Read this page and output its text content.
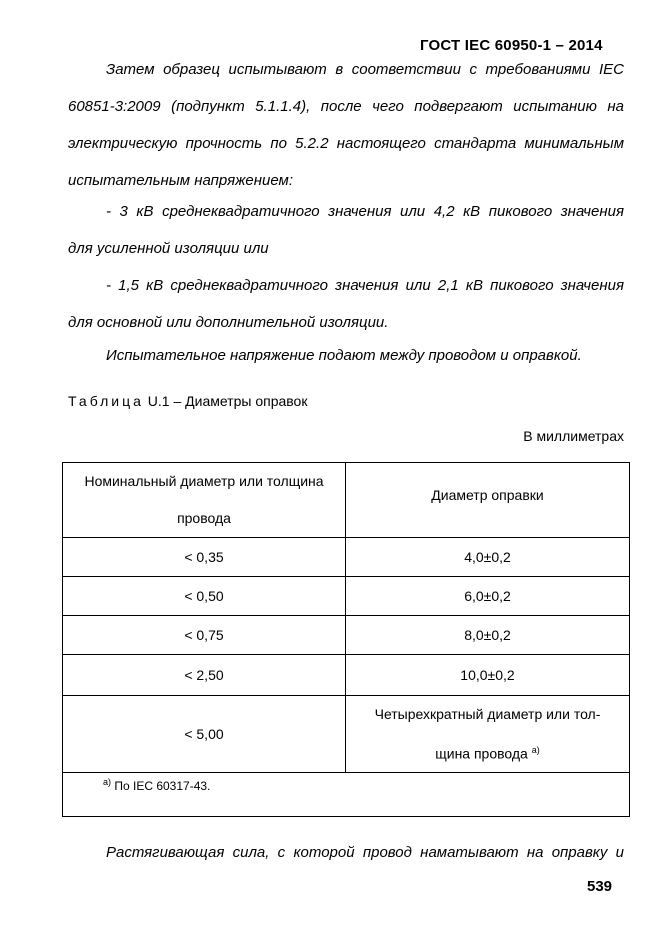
ГОСТ IEC 60950-1 – 2014
Затем образец испытывают в соответствии с требованиями IEC
60851-3:2009 (подпункт 5.1.1.4), после чего подвергают испытанию на
электрическую прочность по 5.2.2 настоящего стандарта минимальным
испытательным напряжением:
- 3 кВ среднеквадратичного значения или 4,2 кВ пикового значения
для усиленной изоляции или
- 1,5 кВ среднеквадратичного значения или 2,1 кВ пикового значения
для основной или дополнительной изоляции.
Испытательное напряжение подают между проводом и оправкой.
Таблица U.1 – Диаметры оправок
В миллиметрах
Номинальный диаметр или толщина
провода	Диаметр оправки
< 0,35	4,0±0,2
< 0,50	6,0±0,2
< 0,75	8,0±0,2
< 2,50	10,0±0,2
< 5,00	Четырехкратный диаметр или тол-
щина провода $^{a)}$

$^{a)}$ По IEC 60317-43.	
Растягивающая сила, с которой провод наматывают на оправку и
539
